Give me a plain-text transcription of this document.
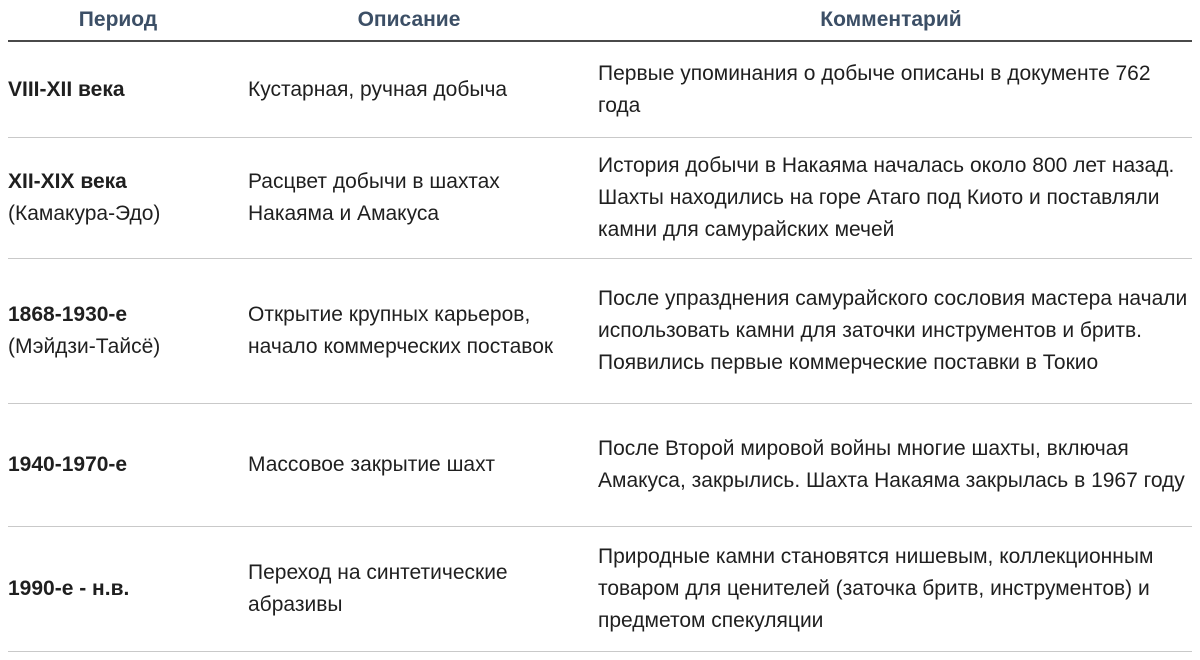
Период	Описание	Комментарий

VIII-XII века	Кустарная, ручная добыча	Первые упоминания о добыче описаны в документе 762 года

XII-XIX века
(Камакура-Эдо)	Расцвет добычи в шахтах Накаяма и Амакуса	История добычи в Накаяма началась около 800 лет назад. Шахты находились на горе Атаго под Киото и поставляли камни для самурайских мечей

1868-1930-е
(Мэйдзи-Тайсё)	Открытие крупных карьеров, начало коммерческих поставок	После упразднения самурайского сословия мастера начали использовать камни для заточки инструментов и бритв. Появились первые коммерческие поставки в Токио

1940-1970-е	Массовое закрытие шахт	После Второй мировой войны многие шахты, включая Амакуса, закрылись. Шахта Накаяма закрылась в 1967 году

1990-е - н.в.	Переход на синтетические абразивы	Природные камни становятся нишевым, коллекционным товаром для ценителей (заточка бритв, инструментов) и предметом спекуляции
